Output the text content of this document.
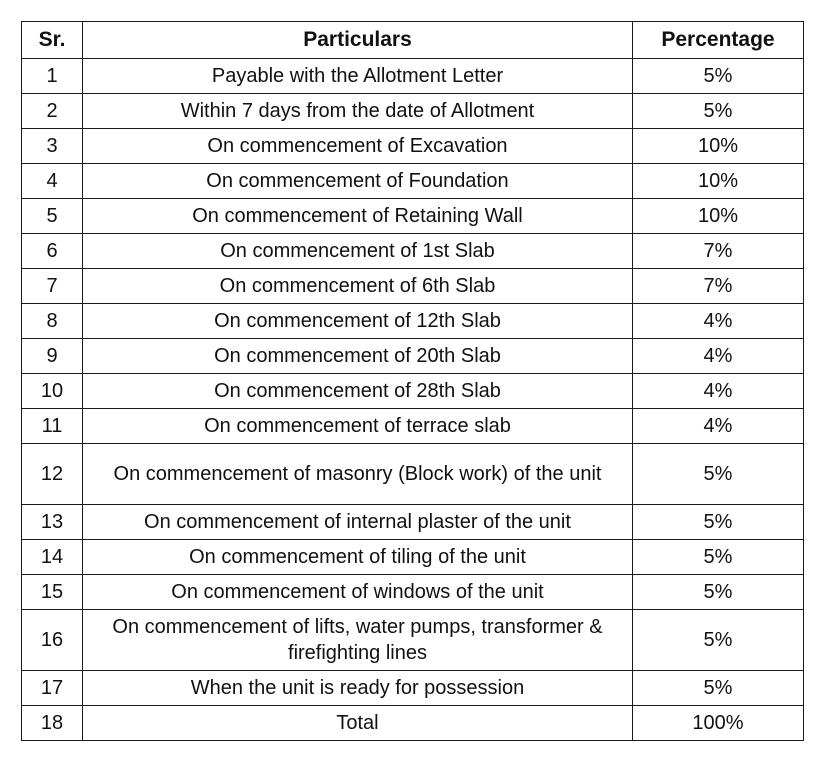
Sr.	Particulars	Percentage
1	Payable with the Allotment Letter	5%
2	Within 7 days from the date of Allotment	5%
3	On commencement of Excavation	10%
4	On commencement of Foundation	10%
5	On commencement of Retaining Wall	10%
6	On commencement of 1st Slab	7%
7	On commencement of 6th Slab	7%
8	On commencement of 12th Slab	4%
9	On commencement of 20th Slab	4%
10	On commencement of 28th Slab	4%
11	On commencement of terrace slab	4%
12	On commencement of masonry (Block work) of the unit	5%
13	On commencement of internal plaster of the unit	5%
14	On commencement of tiling of the unit	5%
15	On commencement of windows of the unit	5%
16	On commencement of lifts, water pumps, transformer & firefighting lines	5%
17	When the unit is ready for possession	5%
18	Total	100%
